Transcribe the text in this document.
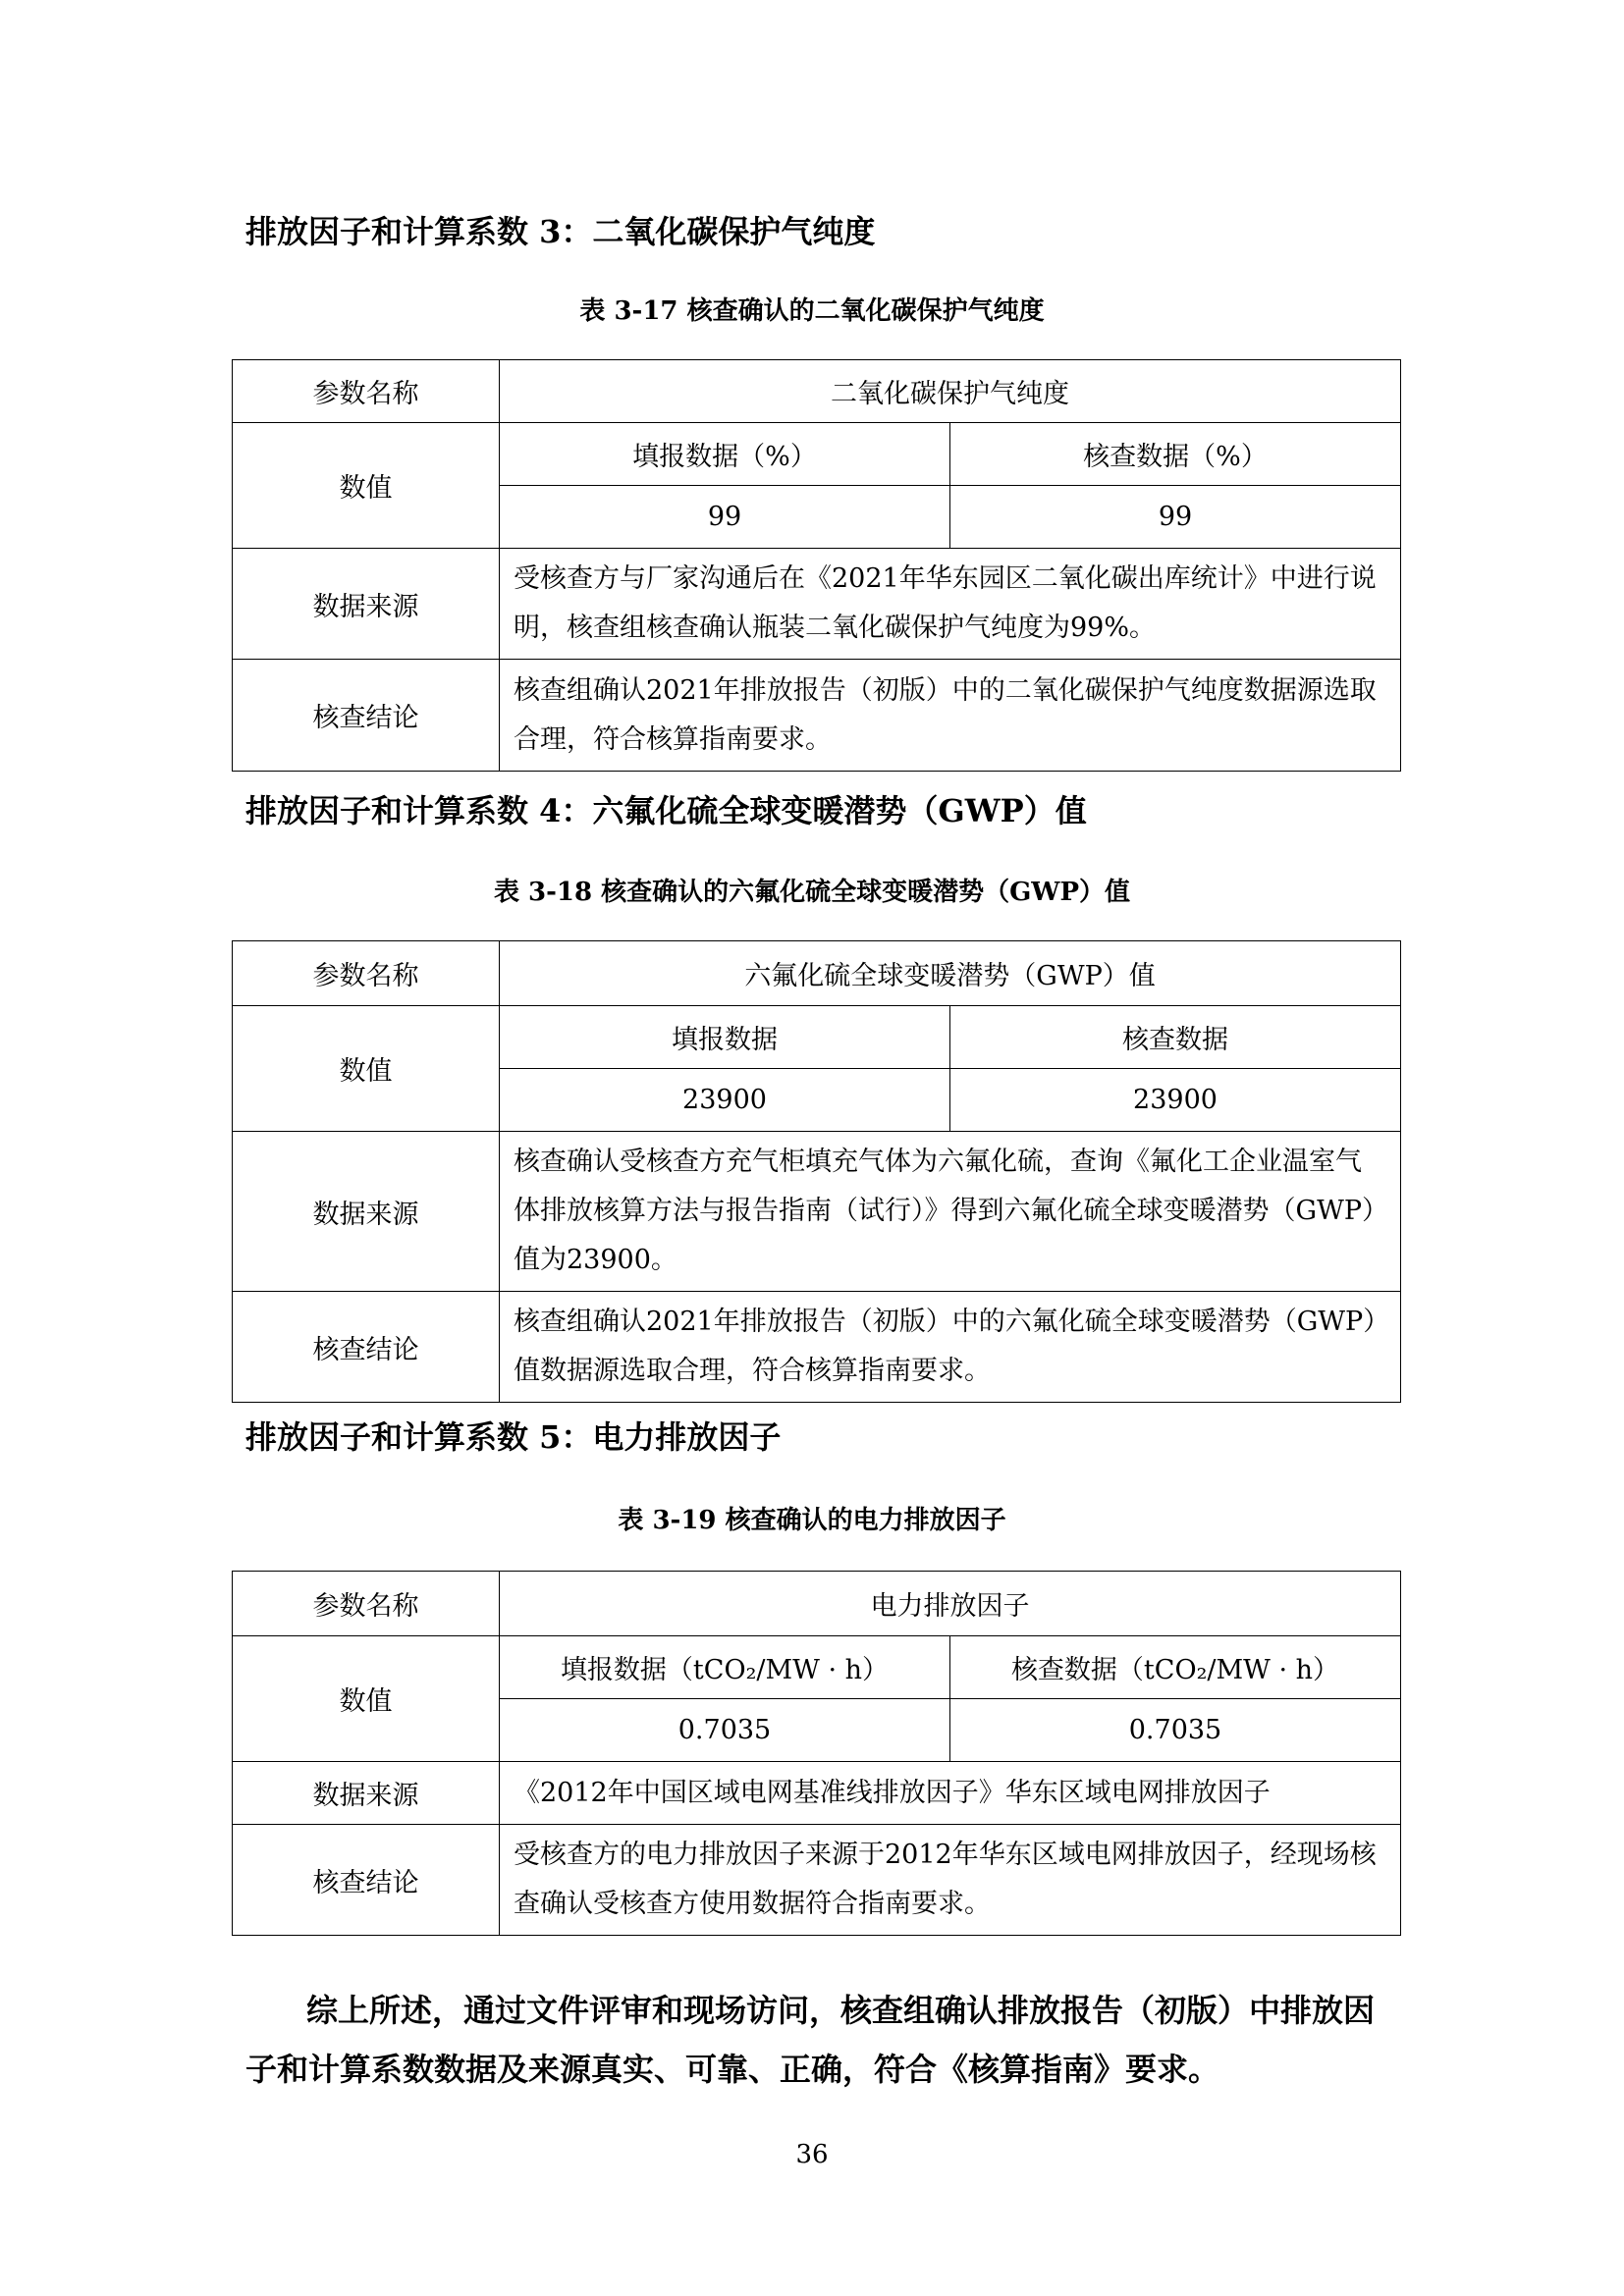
排放因子和计算系数 3：二氧化碳保护气纯度
表 3-17 核查确认的二氧化碳保护气纯度
参数名称	二氧化碳保护气纯度	
数值	填报数据（%）	核查数据（%）
	99	99
数据来源	受核查方与厂家沟通后在《2021年华东园区二氧化碳出库统计》中进行说明，核查组核查确认瓶装二氧化碳保护气纯度为99%。	
核查结论	核查组确认2021年排放报告（初版）中的二氧化碳保护气纯度数据源选取合理，符合核算指南要求。	
排放因子和计算系数 4：六氟化硫全球变暖潜势（GWP）值
表 3-18 核查确认的六氟化硫全球变暖潜势（GWP）值
参数名称	六氟化硫全球变暖潜势（GWP）值	
数值	填报数据	核查数据
	23900	23900
数据来源	核查确认受核查方充气柜填充气体为六氟化硫，查询《氟化工企业温室气体排放核算方法与报告指南（试行）》得到六氟化硫全球变暖潜势（GWP）值为23900。	
核查结论	核查组确认2021年排放报告（初版）中的六氟化硫全球变暖潜势（GWP）值数据源选取合理，符合核算指南要求。	
排放因子和计算系数 5：电力排放因子
表 3-19 核查确认的电力排放因子
参数名称	电力排放因子	
数值	填报数据（tCO₂/MW · h）	核查数据（tCO₂/MW · h）
	0.7035	0.7035
数据来源	《2012年中国区域电网基准线排放因子》华东区域电网排放因子	
核查结论	受核查方的电力排放因子来源于2012年华东区域电网排放因子，经现场核查确认受核查方使用数据符合指南要求。	
综上所述，通过文件评审和现场访问，核查组确认排放报告（初版）中排放因子和计算系数数据及来源真实、可靠、正确，符合《核算指南》要求。
36
